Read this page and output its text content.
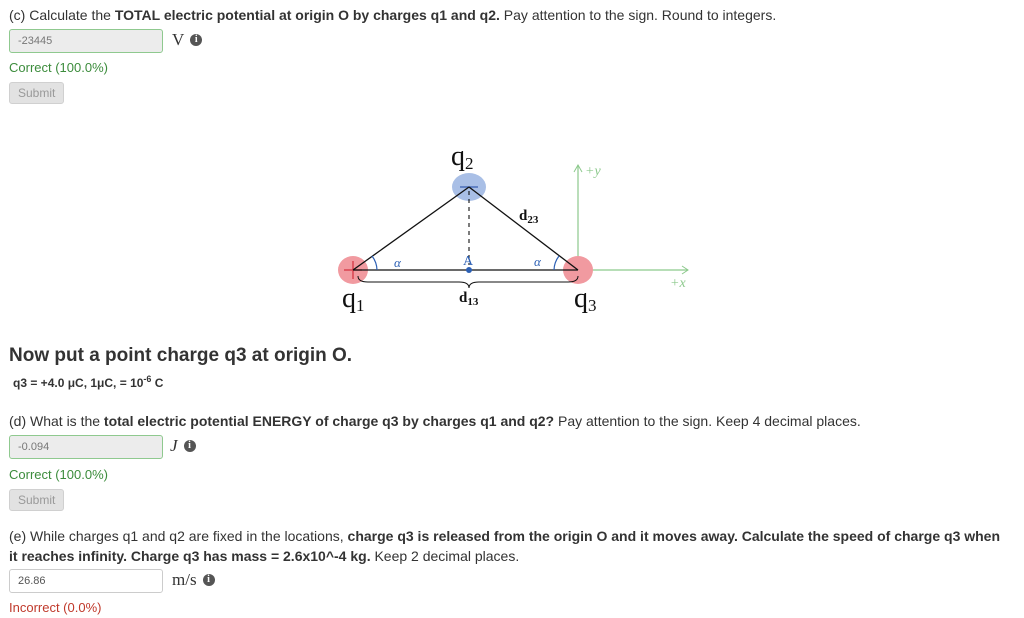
(c) Calculate the TOTAL electric potential at origin O by charges q1 and q2. Pay attention to the sign. Round to integers.
-23445	V	i
Correct (100.0%)
Submit
+y
+x
A
α	α
q1
q2
q3
$d_{23}$
$d_{13}$
Now put a point charge q3 at origin O.
q3 = +4.0 μC, 1μC, = $10^{-6}$ C
(d) What is the total electric potential ENERGY of charge q3 by charges q1 and q2? Pay attention to the sign. Keep 4 decimal places.
-0.094	J	i
Correct (100.0%)
Submit
(e) While charges q1 and q2 are fixed in the locations, charge q3 is released from the origin O and it moves away. Calculate the speed of charge q3 when it reaches infinity. Charge q3 has mass = 2.6x10^-4 kg. Keep 2 decimal places.
26.86	m/s	i
Incorrect (0.0%)
